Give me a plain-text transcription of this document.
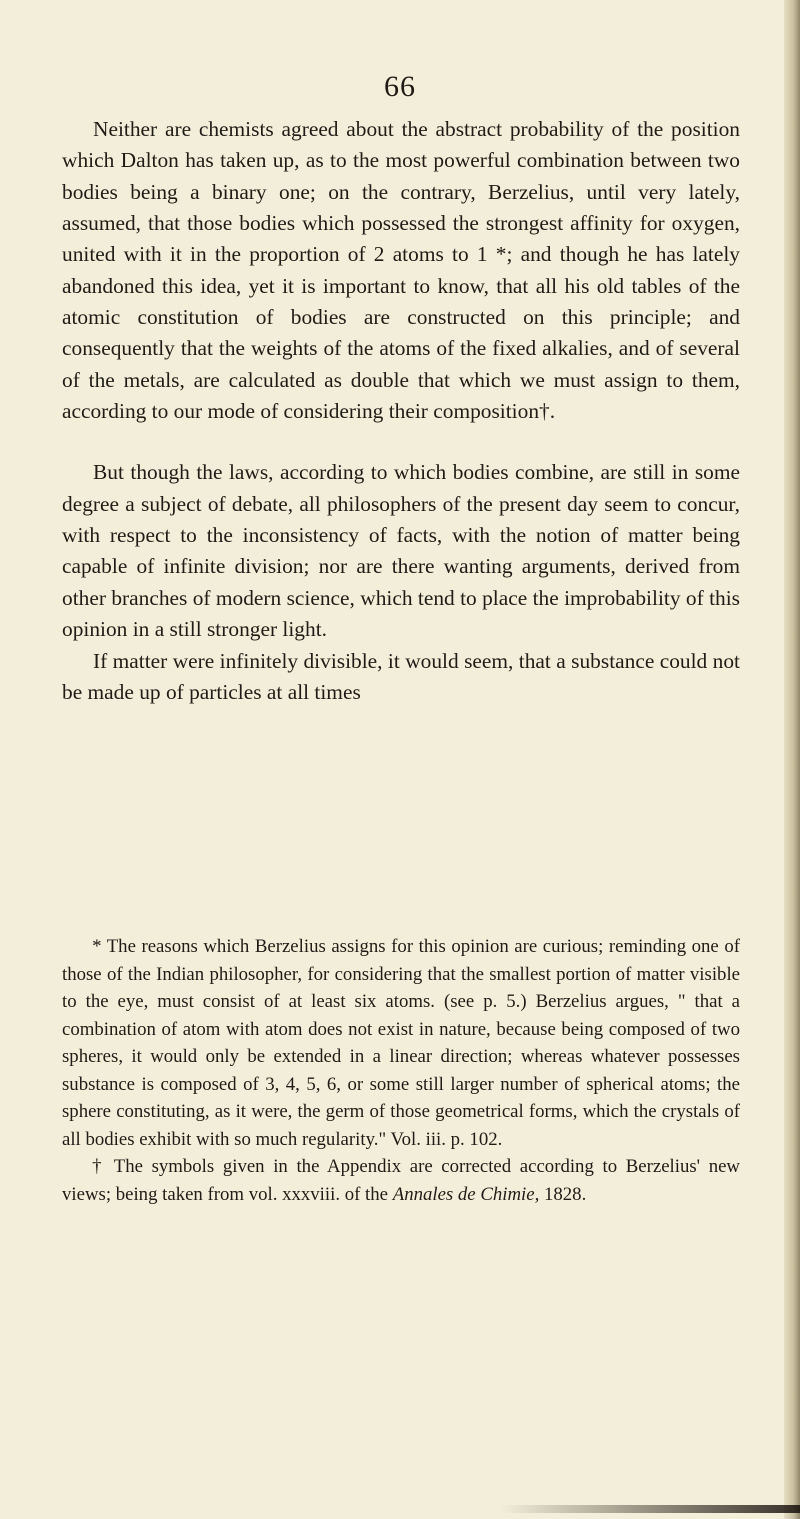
66

Neither are chemists agreed about the abstract probability of the position which Dalton has taken up, as to the most powerful combination between two bodies being a binary one; on the contrary, Berzelius, until very lately, assumed, that those bodies which possessed the strongest affinity for oxygen, united with it in the proportion of 2 atoms to 1 *; and though he has lately abandoned this idea, yet it is important to know, that all his old tables of the atomic constitution of bodies are constructed on this principle; and consequently that the weights of the atoms of the fixed alkalies, and of several of the metals, are calculated as double that which we must assign to them, according to our mode of considering their composition†.

But though the laws, according to which bodies combine, are still in some degree a subject of debate, all philosophers of the present day seem to concur, with respect to the inconsistency of facts, with the notion of matter being capable of infinite division; nor are there wanting arguments, derived from other branches of modern science, which tend to place the improbability of this opinion in a still stronger light.

If matter were infinitely divisible, it would seem, that a substance could not be made up of particles at all times

* The reasons which Berzelius assigns for this opinion are curious; reminding one of those of the Indian philosopher, for considering that the smallest portion of matter visible to the eye, must consist of at least six atoms. (see p. 5.) Berzelius argues, " that a combination of atom with atom does not exist in nature, because being composed of two spheres, it would only be extended in a linear direction; whereas whatever possesses substance is composed of 3, 4, 5, 6, or some still larger number of spherical atoms; the sphere constituting, as it were, the germ of those geometrical forms, which the crystals of all bodies exhibit with so much regularity." Vol. iii. p. 102.

† The symbols given in the Appendix are corrected according to Berzelius' new views; being taken from vol. xxxviii. of the Annales de Chimie, 1828.
